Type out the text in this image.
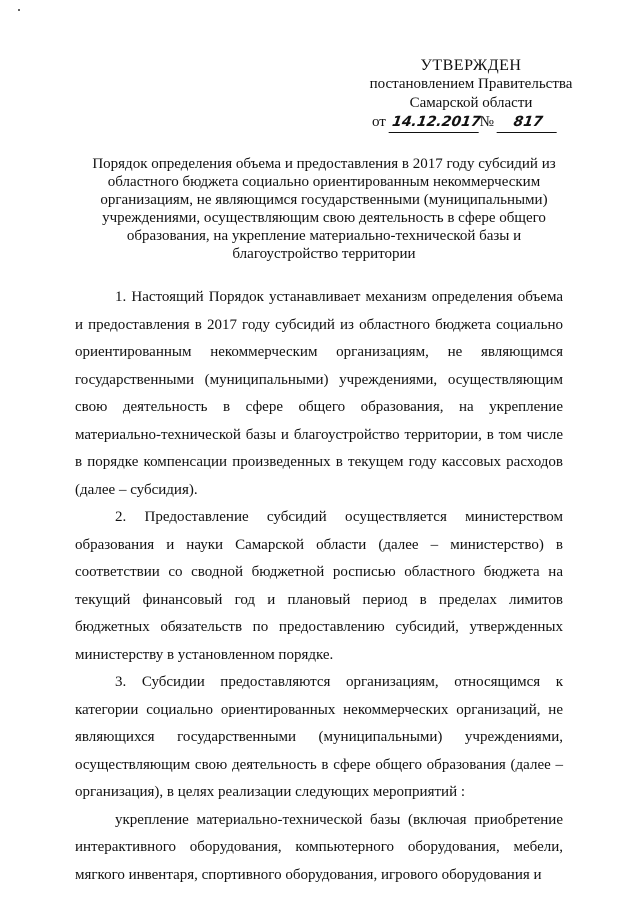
УТВЕРЖДЕН
постановлением Правительства
Самарской области
от 14.12.2017№ 817
Порядок определения объема и предоставления в 2017 году субсидий из областного бюджета социально ориентированным некоммерческим организациям, не являющимся государственными (муниципальными) учреждениями, осуществляющим свою деятельность в сфере общего образования, на укрепление материально-технической базы и благоустройство территории

1. Настоящий Порядок устанавливает механизм определения объема и предоставления в 2017 году субсидий из областного бюджета социально ориентированным некоммерческим организациям, не являющимся государственными (муниципальными) учреждениями, осуществляющим свою деятельность в сфере общего образования, на укрепление материально-технической базы и благоустройство территории, в том числе в порядке компенсации произведенных в текущем году кассовых расходов (далее – субсидия).

2. Предоставление субсидий осуществляется министерством образования и науки Самарской области (далее – министерство) в соответствии со сводной бюджетной росписью областного бюджета на текущий финансовый год и плановый период в пределах лимитов бюджетных обязательств по предоставлению субсидий, утвержденных министерству в установленном порядке.

3. Субсидии предоставляются организациям, относящимся к категории социально ориентированных некоммерческих организаций, не являющихся государственными (муниципальными) учреждениями, осуществляющим свою деятельность в сфере общего образования (далее – организация), в целях реализации следующих мероприятий :

укрепление материально-технической базы (включая приобретение интерактивного оборудования, компьютерного оборудования, мебели, мягкого инвентаря, спортивного оборудования, игрового оборудования и
